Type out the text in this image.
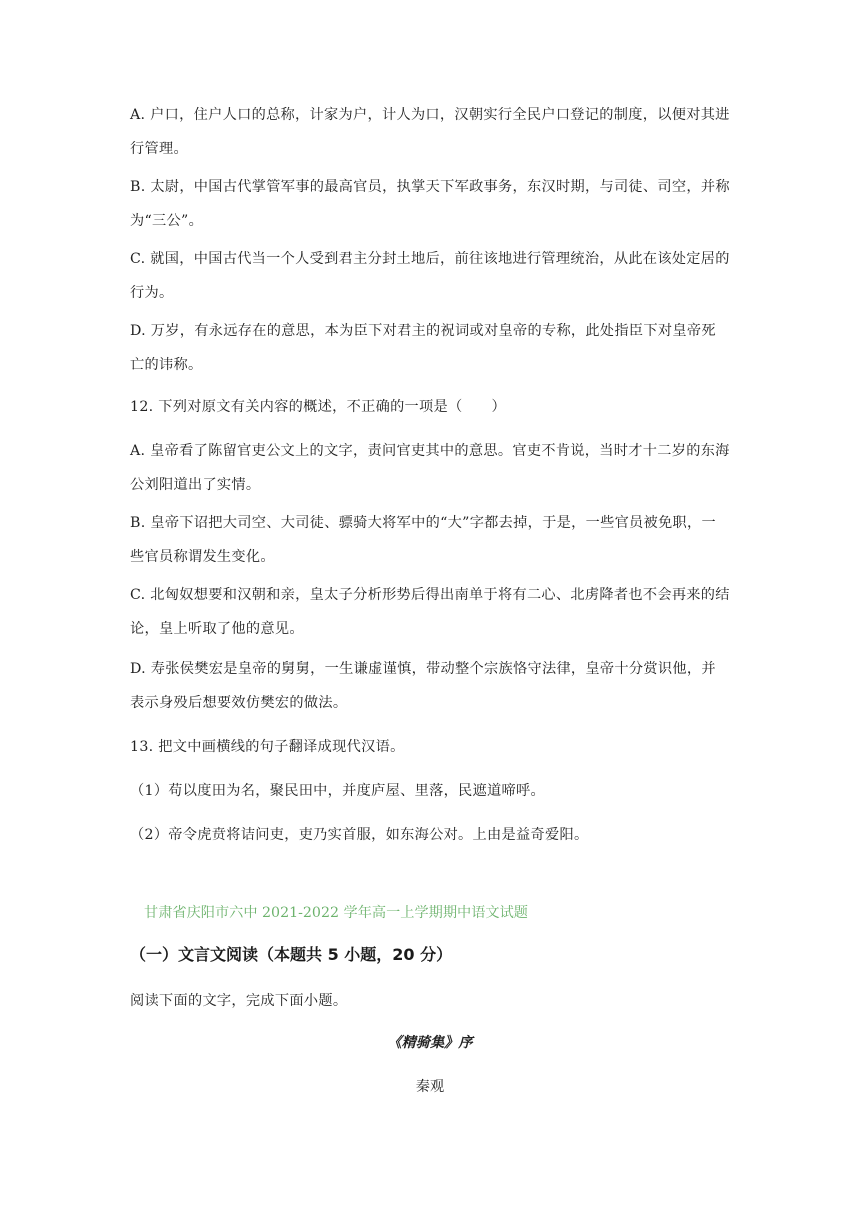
A. 户口，住户人口的总称，计家为户，计人为口，汉朝实行全民户口登记的制度，以便对其进行管理。

B. 太尉，中国古代掌管军事的最高官员，执掌天下军政事务，东汉时期，与司徒、司空，并称为“三公”。

C. 就国，中国古代当一个人受到君主分封土地后，前往该地进行管理统治，从此在该处定居的行为。

D. 万岁，有永远存在的意思，本为臣下对君主的祝词或对皇帝的专称，此处指臣下对皇帝死亡的讳称。

12. 下列对原文有关内容的概述，不正确的一项是（　　）

A. 皇帝看了陈留官吏公文上的文字，责问官吏其中的意思。官吏不肯说，当时才十二岁的东海公刘阳道出了实情。

B. 皇帝下诏把大司空、大司徒、骠骑大将军中的“大”字都去掉，于是，一些官员被免职，一些官员称谓发生变化。

C. 北匈奴想要和汉朝和亲，皇太子分析形势后得出南单于将有二心、北虏降者也不会再来的结论，皇上听取了他的意见。

D. 寿张侯樊宏是皇帝的舅舅，一生谦虚谨慎，带动整个宗族恪守法律，皇帝十分赏识他，并表示身殁后想要效仿樊宏的做法。

13. 把文中画横线的句子翻译成现代汉语。

（1）苟以度田为名，聚民田中，并度庐屋、里落，民遮道啼呼。

（2）帝令虎贲将诘问吏，吏乃实首服，如东海公对。上由是益奇爱阳。

甘肃省庆阳市六中 2021-2022 学年高一上学期期中语文试题

（一）文言文阅读（本题共 5 小题，20 分）

阅读下面的文字，完成下面小题。

《精骑集》序

秦观
